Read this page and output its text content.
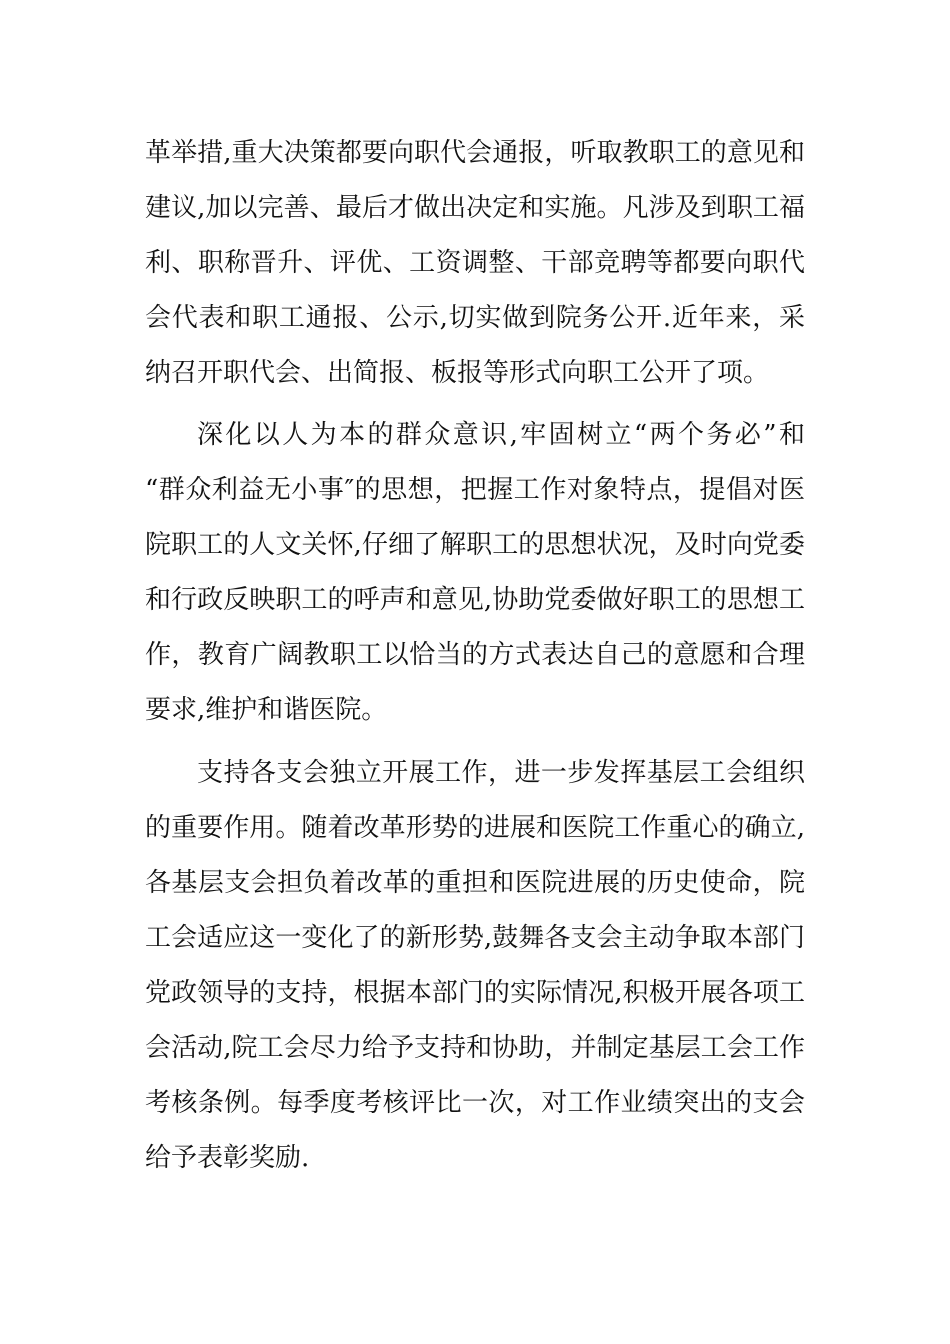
革举措,重大决策都要向职代会通报，听取教职工的意见和
建议,加以完善、最后才做出决定和实施。凡涉及到职工福
利、职称晋升、评优、工资调整、干部竞聘等都要向职代
会代表和职工通报、公示,切实做到院务公开.近年来，采
纳召开职代会、出简报、板报等形式向职工公开了项。
深化以人为本的群众意识,牢固树立“两个务必”和
“群众利益无小事″的思想，把握工作对象特点，提倡对医
院职工的人文关怀,仔细了解职工的思想状况，及时向党委
和行政反映职工的呼声和意见,协助党委做好职工的思想工
作，教育广阔教职工以恰当的方式表达自己的意愿和合理
要求,维护和谐医院。
支持各支会独立开展工作，进一步发挥基层工会组织
的重要作用。随着改革形势的进展和医院工作重心的确立,
各基层支会担负着改革的重担和医院进展的历史使命，院
工会适应这一变化了的新形势,鼓舞各支会主动争取本部门
党政领导的支持，根据本部门的实际情况,积极开展各项工
会活动,院工会尽力给予支持和协助，并制定基层工会工作
考核条例。每季度考核评比一次，对工作业绩突出的支会
给予表彰奖励.
